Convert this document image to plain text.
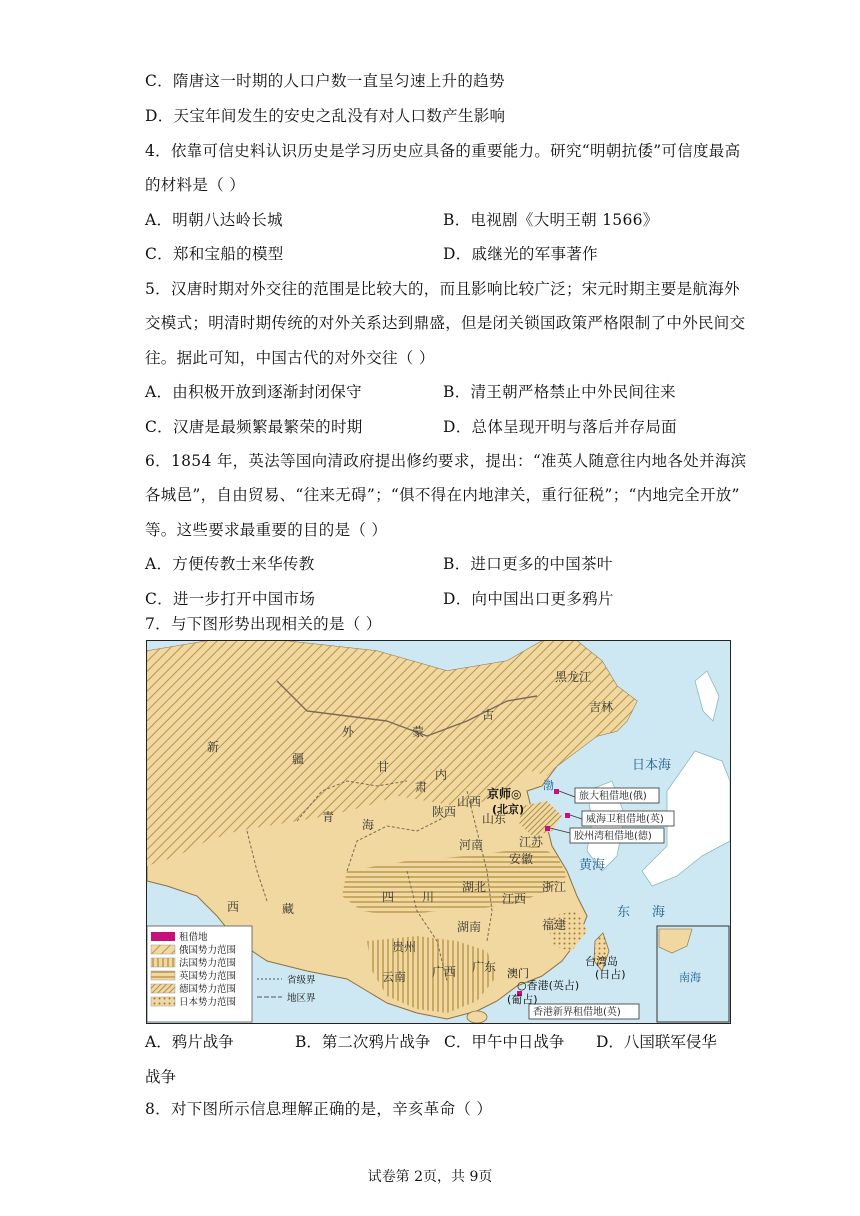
C．隋唐这一时期的人口户数一直呈匀速上升的趋势
D．天宝年间发生的安史之乱没有对人口数产生影响
4．依靠可信史料认识历史是学习历史应具备的重要能力。研究“明朝抗倭”可信度最高
的材料是（ ）
A．明朝八达岭长城	B．电视剧《大明王朝 1566》
C．郑和宝船的模型	D．戚继光的军事著作
5．汉唐时期对外交往的范围是比较大的，而且影响比较广泛；宋元时期主要是航海外
交模式；明清时期传统的对外关系达到鼎盛，但是闭关锁国政策严格限制了中外民间交
往。据此可知，中国古代的对外交往（ ）
A．由积极开放到逐渐封闭保守	B．清王朝严格禁止中外民间往来
C．汉唐是最频繁最繁荣的时期	D．总体呈现开明与落后并存局面
6．1854 年，英法等国向清政府提出修约要求，提出：“准英人随意往内地各处并海滨
各城邑”，自由贸易、“往来无碍”；“俱不得在内地津关，重行征税”；“内地完全开放”
等。这些要求最重要的目的是（ ）
A．方便传教士来华传教	B．进口更多的中国茶叶
C．进一步打开中国市场	D．向中国出口更多鸦片
7．与下图形势出现相关的是（ ）
新
疆
外	蒙
古
青
海
西	藏
四 川
甘
肃
内
云南
贵州
黑龙江
吉林
山东
山西
陕西
河南
湖北
湖南
江西
安徽
江苏
浙江
福建
广东
广西
日本海
黄海
东 海
渤
京师◎
(北京)
旅大租借地(俄)
威海卫租借地(英)
胶州湾租借地(德)
香港新界租借地(英)
台湾岛
(日占)
○香港(英占)
澳门
(葡占)
南海
租借地
俄国势力范围
法国势力范围
英国势力范围
德国势力范围
日本势力范围
省级界
地区界
A．鸦片战争	B．第二次鸦片战争 C．甲午中日战争 D．八国联军侵华
战争
8．对下图所示信息理解正确的是，辛亥革命（ ）
试卷第 2页，共 9页
